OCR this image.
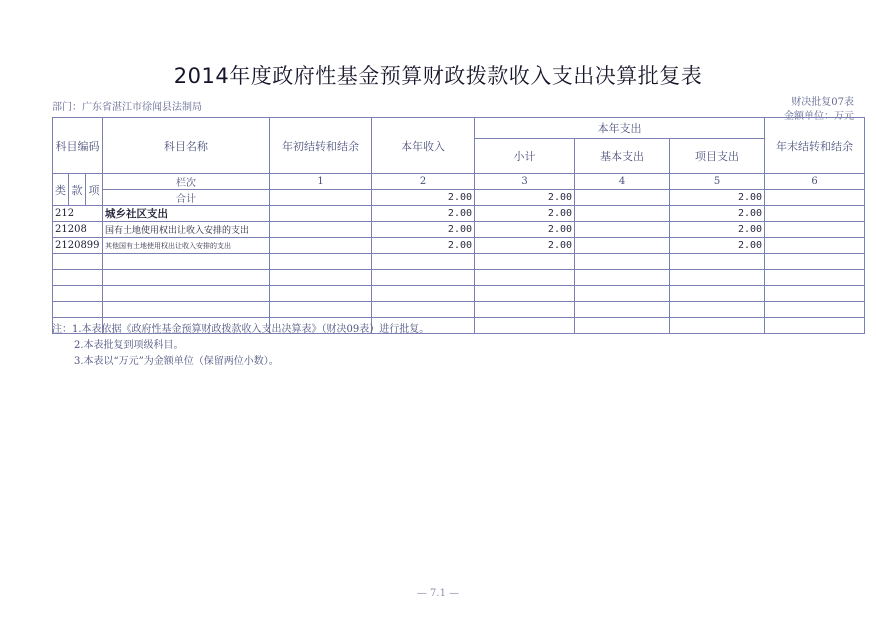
2014年度政府性基金预算财政拨款收入支出决算批复表
部门：广东省湛江市徐闻县法制局	财决批复07表
金额单位：万元
科目编码			科目名称	年初结转和结余	本年收入	本年支出			年末结转和结余
						小计	基本支出	项目支出	
类	款	项	栏次	1	2	3	4	5	6
			合计		2.00	2.00		2.00	
212			城乡社区支出		2.00	2.00		2.00	
21208			国有土地使用权出让收入安排的支出		2.00	2.00		2.00	
2120899			其他国有土地使用权出让收入安排的支出		2.00	2.00		2.00	

注：1.本表依据《政府性基金预算财政拨款收入支出决算表》（财决09表）进行批复。
2.本表批复到项级科目。
3.本表以“万元”为金额单位（保留两位小数）。
— 7.1 —
